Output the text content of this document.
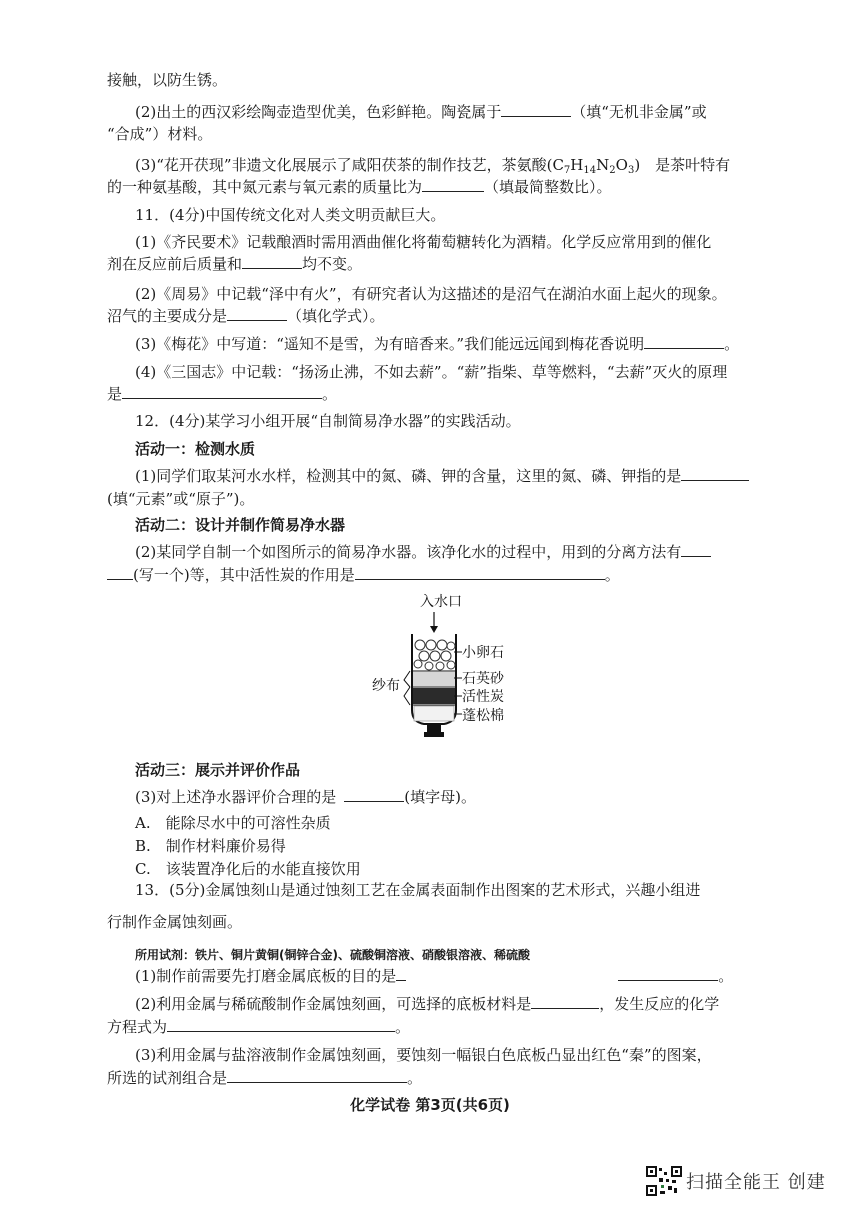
接触，以防生锈。
(2)出土的西汉彩绘陶壶造型优美，色彩鲜艳。陶瓷属于	（填“无机非金属”或
“合成”）材料。
(3)“花开茯现”非遗文化展展示了咸阳茯茶的制作技艺，茶氨酸$(C_7H_{14}N_2O_3)$　是茶叶特有
的一种氨基酸，其中氮元素与氧元素的质量比为	（填最简整数比）。
11．(4分)中国传统文化对人类文明贡献巨大。
(1)《齐民要术》记载酿酒时需用酒曲催化将葡萄糖转化为酒精。化学反应常用到的催化
剂在反应前后质量和	均不变。
(2)《周易》中记载“泽中有火”，有研究者认为这描述的是沼气在湖泊水面上起火的现象。
沼气的主要成分是	（填化学式）。
(3)《梅花》中写道：“遥知不是雪，为有暗香来。”我们能远远闻到梅花香说明	。
(4)《三国志》中记载：“扬汤止沸，不如去薪”。“薪”指柴、草等燃料，“去薪”灭火的原理
是	。
12．(4分)某学习小组开展“自制简易净水器”的实践活动。
活动一：检测水质
(1)同学们取某河水水样，检测其中的氮、磷、钾的含量，这里的氮、磷、钾指的是
(填“元素”或“原子”)。
活动二：设计并制作简易净水器
(2)某同学自制一个如图所示的简易净水器。该净化水的过程中，用到的分离方法有
(写一个)等，其中活性炭的作用是	。
入水口
小卵石
石英砂
活性炭
蓬松棉
纱布
活动三：展示并评价作品
(3)对上述净水器评价合理的是	(填字母)。
A.　能除尽水中的可溶性杂质
B.　制作材料廉价易得
C.　该装置净化后的水能直接饮用
13．(5分)金属蚀刻山是通过蚀刻工艺在金属表面制作出图案的艺术形式，兴趣小组进
行制作金属蚀刻画。
所用试剂：铁片、铜片黄铜(铜锌合金)、硫酸铜溶液、硝酸银溶液、稀硫酸
(1)制作前需要先打磨金属底板的目的是	。
(2)利用金属与稀硫酸制作金属蚀刻画，可选择的底板材料是	，发生反应的化学
方程式为	。
(3)利用金属与盐溶液制作金属蚀刻画，要蚀刻一幅银白色底板凸显出红色“秦”的图案，
所选的试剂组合是	。
化学试卷 第3页(共6页)
扫描全能王 创建
